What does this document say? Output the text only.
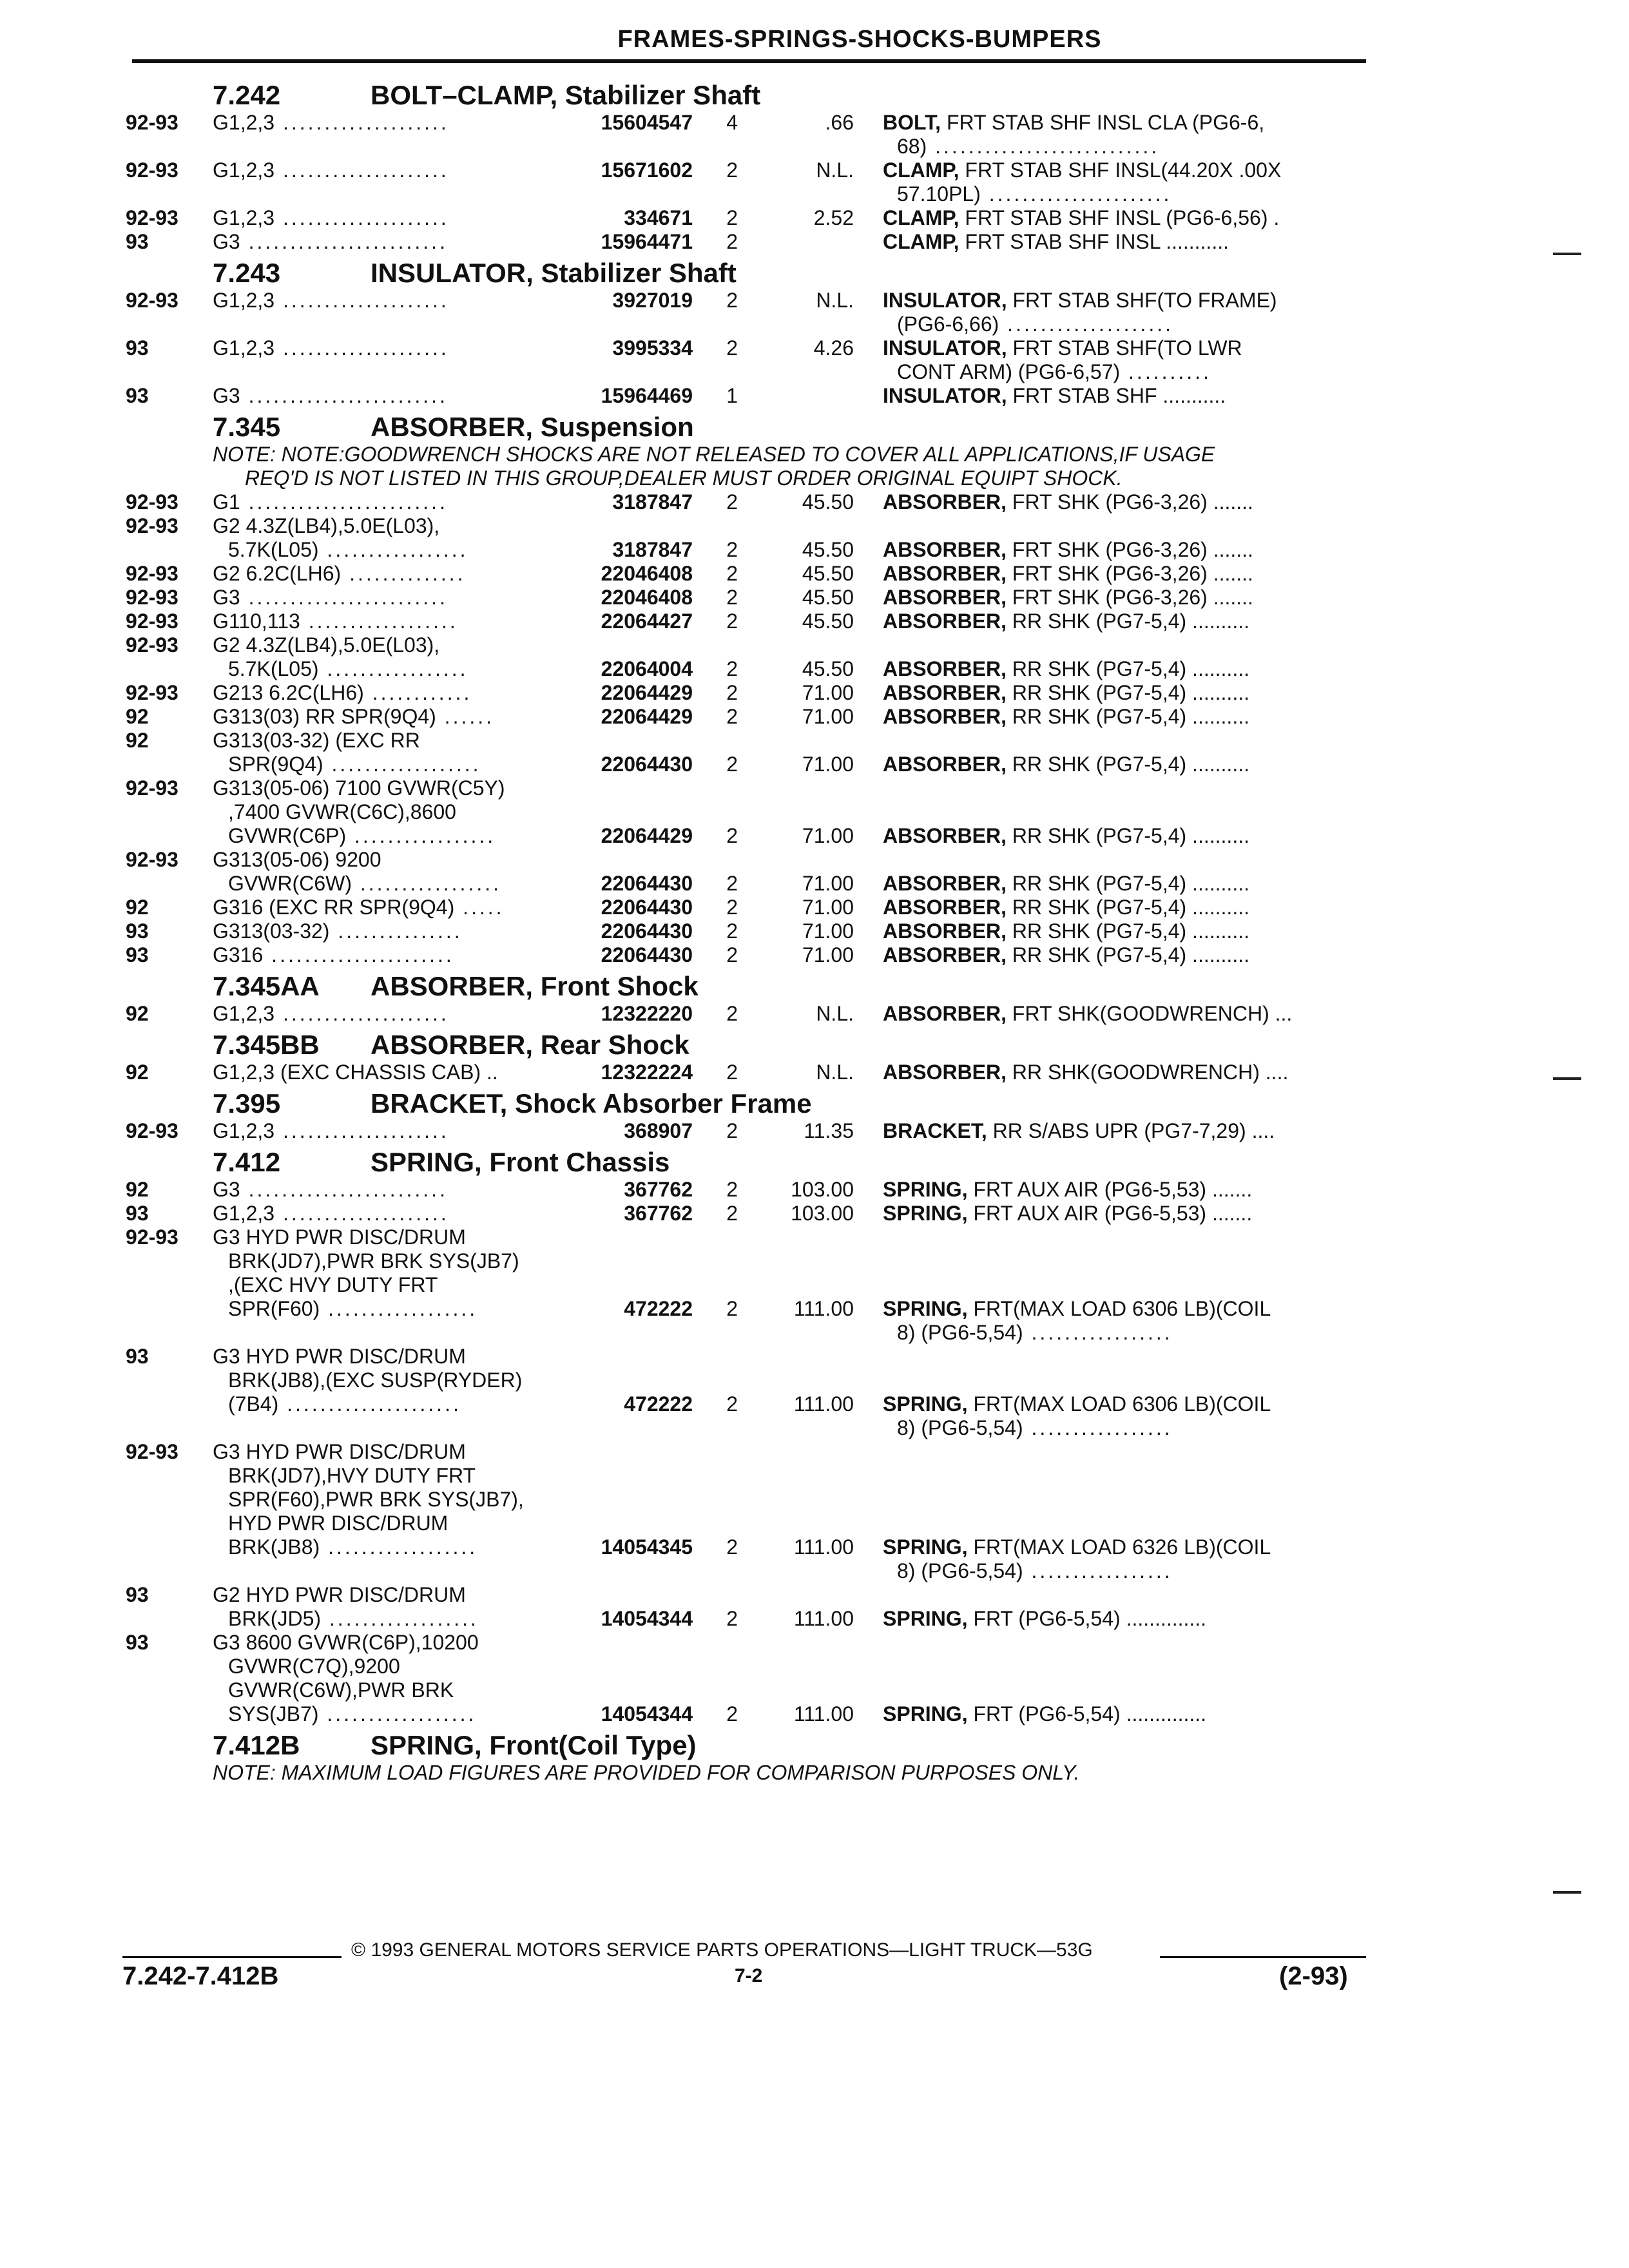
FRAMES-SPRINGS-SHOCKS-BUMPERS
7.242	BOLT–CLAMP, Stabilizer Shaft
92-93	G1,2,3 ....................	15604547	4	.66 BOLT, FRT STAB SHF INSL CLA (PG6-6,
68) ...........................
92-93	G1,2,3 ....................	15671602	2	N.L. CLAMP, FRT STAB SHF INSL(44.20X .00X
57.10PL) ......................
92-93	G1,2,3 ....................	334671	2	2.52 CLAMP, FRT STAB SHF INSL (PG6-6,56) .
93	G3 ........................	15964471	2	CLAMP, FRT STAB SHF INSL ...........
7.243	INSULATOR, Stabilizer Shaft
92-93	G1,2,3 ....................	3927019	2	N.L. INSULATOR, FRT STAB SHF(TO FRAME)
(PG6-6,66) ....................
93	G1,2,3 ....................	3995334	2	4.26 INSULATOR, FRT STAB SHF(TO LWR
CONT ARM) (PG6-6,57) ..........
93	G3 ........................	15964469	1	INSULATOR, FRT STAB SHF ...........
7.345	ABSORBER, Suspension
NOTE: NOTE:GOODWRENCH SHOCKS ARE NOT RELEASED TO COVER ALL APPLICATIONS,IF USAGE
REQ'D IS NOT LISTED IN THIS GROUP,DEALER MUST ORDER ORIGINAL EQUIPT SHOCK.
92-93	G1 ........................	3187847	2	45.50 ABSORBER, FRT SHK (PG6-3,26) .......
92-93	G2 4.3Z(LB4),5.0E(L03),
5.7K(L05) .................	3187847	2	45.50 ABSORBER, FRT SHK (PG6-3,26) .......
92-93	G2 6.2C(LH6) ..............	22046408	2	45.50 ABSORBER, FRT SHK (PG6-3,26) .......
92-93	G3 ........................	22046408	2	45.50 ABSORBER, FRT SHK (PG6-3,26) .......
92-93	G110,113 ..................	22064427	2	45.50 ABSORBER, RR SHK (PG7-5,4) ..........
92-93	G2 4.3Z(LB4),5.0E(L03),
5.7K(L05) .................	22064004	2	45.50 ABSORBER, RR SHK (PG7-5,4) ..........
92-93	G213 6.2C(LH6) ............	22064429	2	71.00 ABSORBER, RR SHK (PG7-5,4) ..........
92	G313(03) RR SPR(9Q4) ......	22064429	2	71.00 ABSORBER, RR SHK (PG7-5,4) ..........
92	G313(03-32) (EXC RR
SPR(9Q4) ..................	22064430	2	71.00 ABSORBER, RR SHK (PG7-5,4) ..........
92-93	G313(05-06) 7100 GVWR(C5Y)
,7400 GVWR(C6C),8600
GVWR(C6P) .................	22064429	2	71.00 ABSORBER, RR SHK (PG7-5,4) ..........
92-93	G313(05-06) 9200
GVWR(C6W) .................	22064430	2	71.00 ABSORBER, RR SHK (PG7-5,4) ..........
92	G316 (EXC RR SPR(9Q4) .....	22064430	2	71.00 ABSORBER, RR SHK (PG7-5,4) ..........
93	G313(03-32) ...............	22064430	2	71.00 ABSORBER, RR SHK (PG7-5,4) ..........
93	G316 ......................	22064430	2	71.00 ABSORBER, RR SHK (PG7-5,4) ..........
7.345AA	ABSORBER, Front Shock
92	G1,2,3 ....................	12322220	2	N.L. ABSORBER, FRT SHK(GOODWRENCH) ...
7.345BB	ABSORBER, Rear Shock
92	G1,2,3 (EXC CHASSIS CAB) ..	12322224	2	N.L. ABSORBER, RR SHK(GOODWRENCH) ....
7.395	BRACKET, Shock Absorber Frame
92-93	G1,2,3 ....................	368907	2	11.35 BRACKET, RR S/ABS UPR (PG7-7,29) ....
7.412	SPRING, Front Chassis
92	G3 ........................	367762	2	103.00 SPRING, FRT AUX AIR (PG6-5,53) .......
93	G1,2,3 ....................	367762	2	103.00 SPRING, FRT AUX AIR (PG6-5,53) .......
92-93	G3 HYD PWR DISC/DRUM
BRK(JD7),PWR BRK SYS(JB7)
,(EXC HVY DUTY FRT
SPR(F60) ..................	472222	2	111.00 SPRING, FRT(MAX LOAD 6306 LB)(COIL
8) (PG6-5,54) .................
93	G3 HYD PWR DISC/DRUM
BRK(JB8),(EXC SUSP(RYDER)
(7B4) .....................	472222	2	111.00 SPRING, FRT(MAX LOAD 6306 LB)(COIL
8) (PG6-5,54) .................
92-93	G3 HYD PWR DISC/DRUM
BRK(JD7),HVY DUTY FRT
SPR(F60),PWR BRK SYS(JB7),
HYD PWR DISC/DRUM
BRK(JB8) ..................	14054345	2	111.00 SPRING, FRT(MAX LOAD 6326 LB)(COIL
8) (PG6-5,54) .................
93	G2 HYD PWR DISC/DRUM
BRK(JD5) ..................	14054344	2	111.00 SPRING, FRT (PG6-5,54) ..............
93	G3 8600 GVWR(C6P),10200
GVWR(C7Q),9200
GVWR(C6W),PWR BRK
SYS(JB7) ..................	14054344	2	111.00 SPRING, FRT (PG6-5,54) ..............
7.412B	SPRING, Front(Coil Type)
NOTE: MAXIMUM LOAD FIGURES ARE PROVIDED FOR COMPARISON PURPOSES ONLY.
© 1993 GENERAL MOTORS SERVICE PARTS OPERATIONS—LIGHT TRUCK—53G
7.242-7.412B	7-2	(2-93)
